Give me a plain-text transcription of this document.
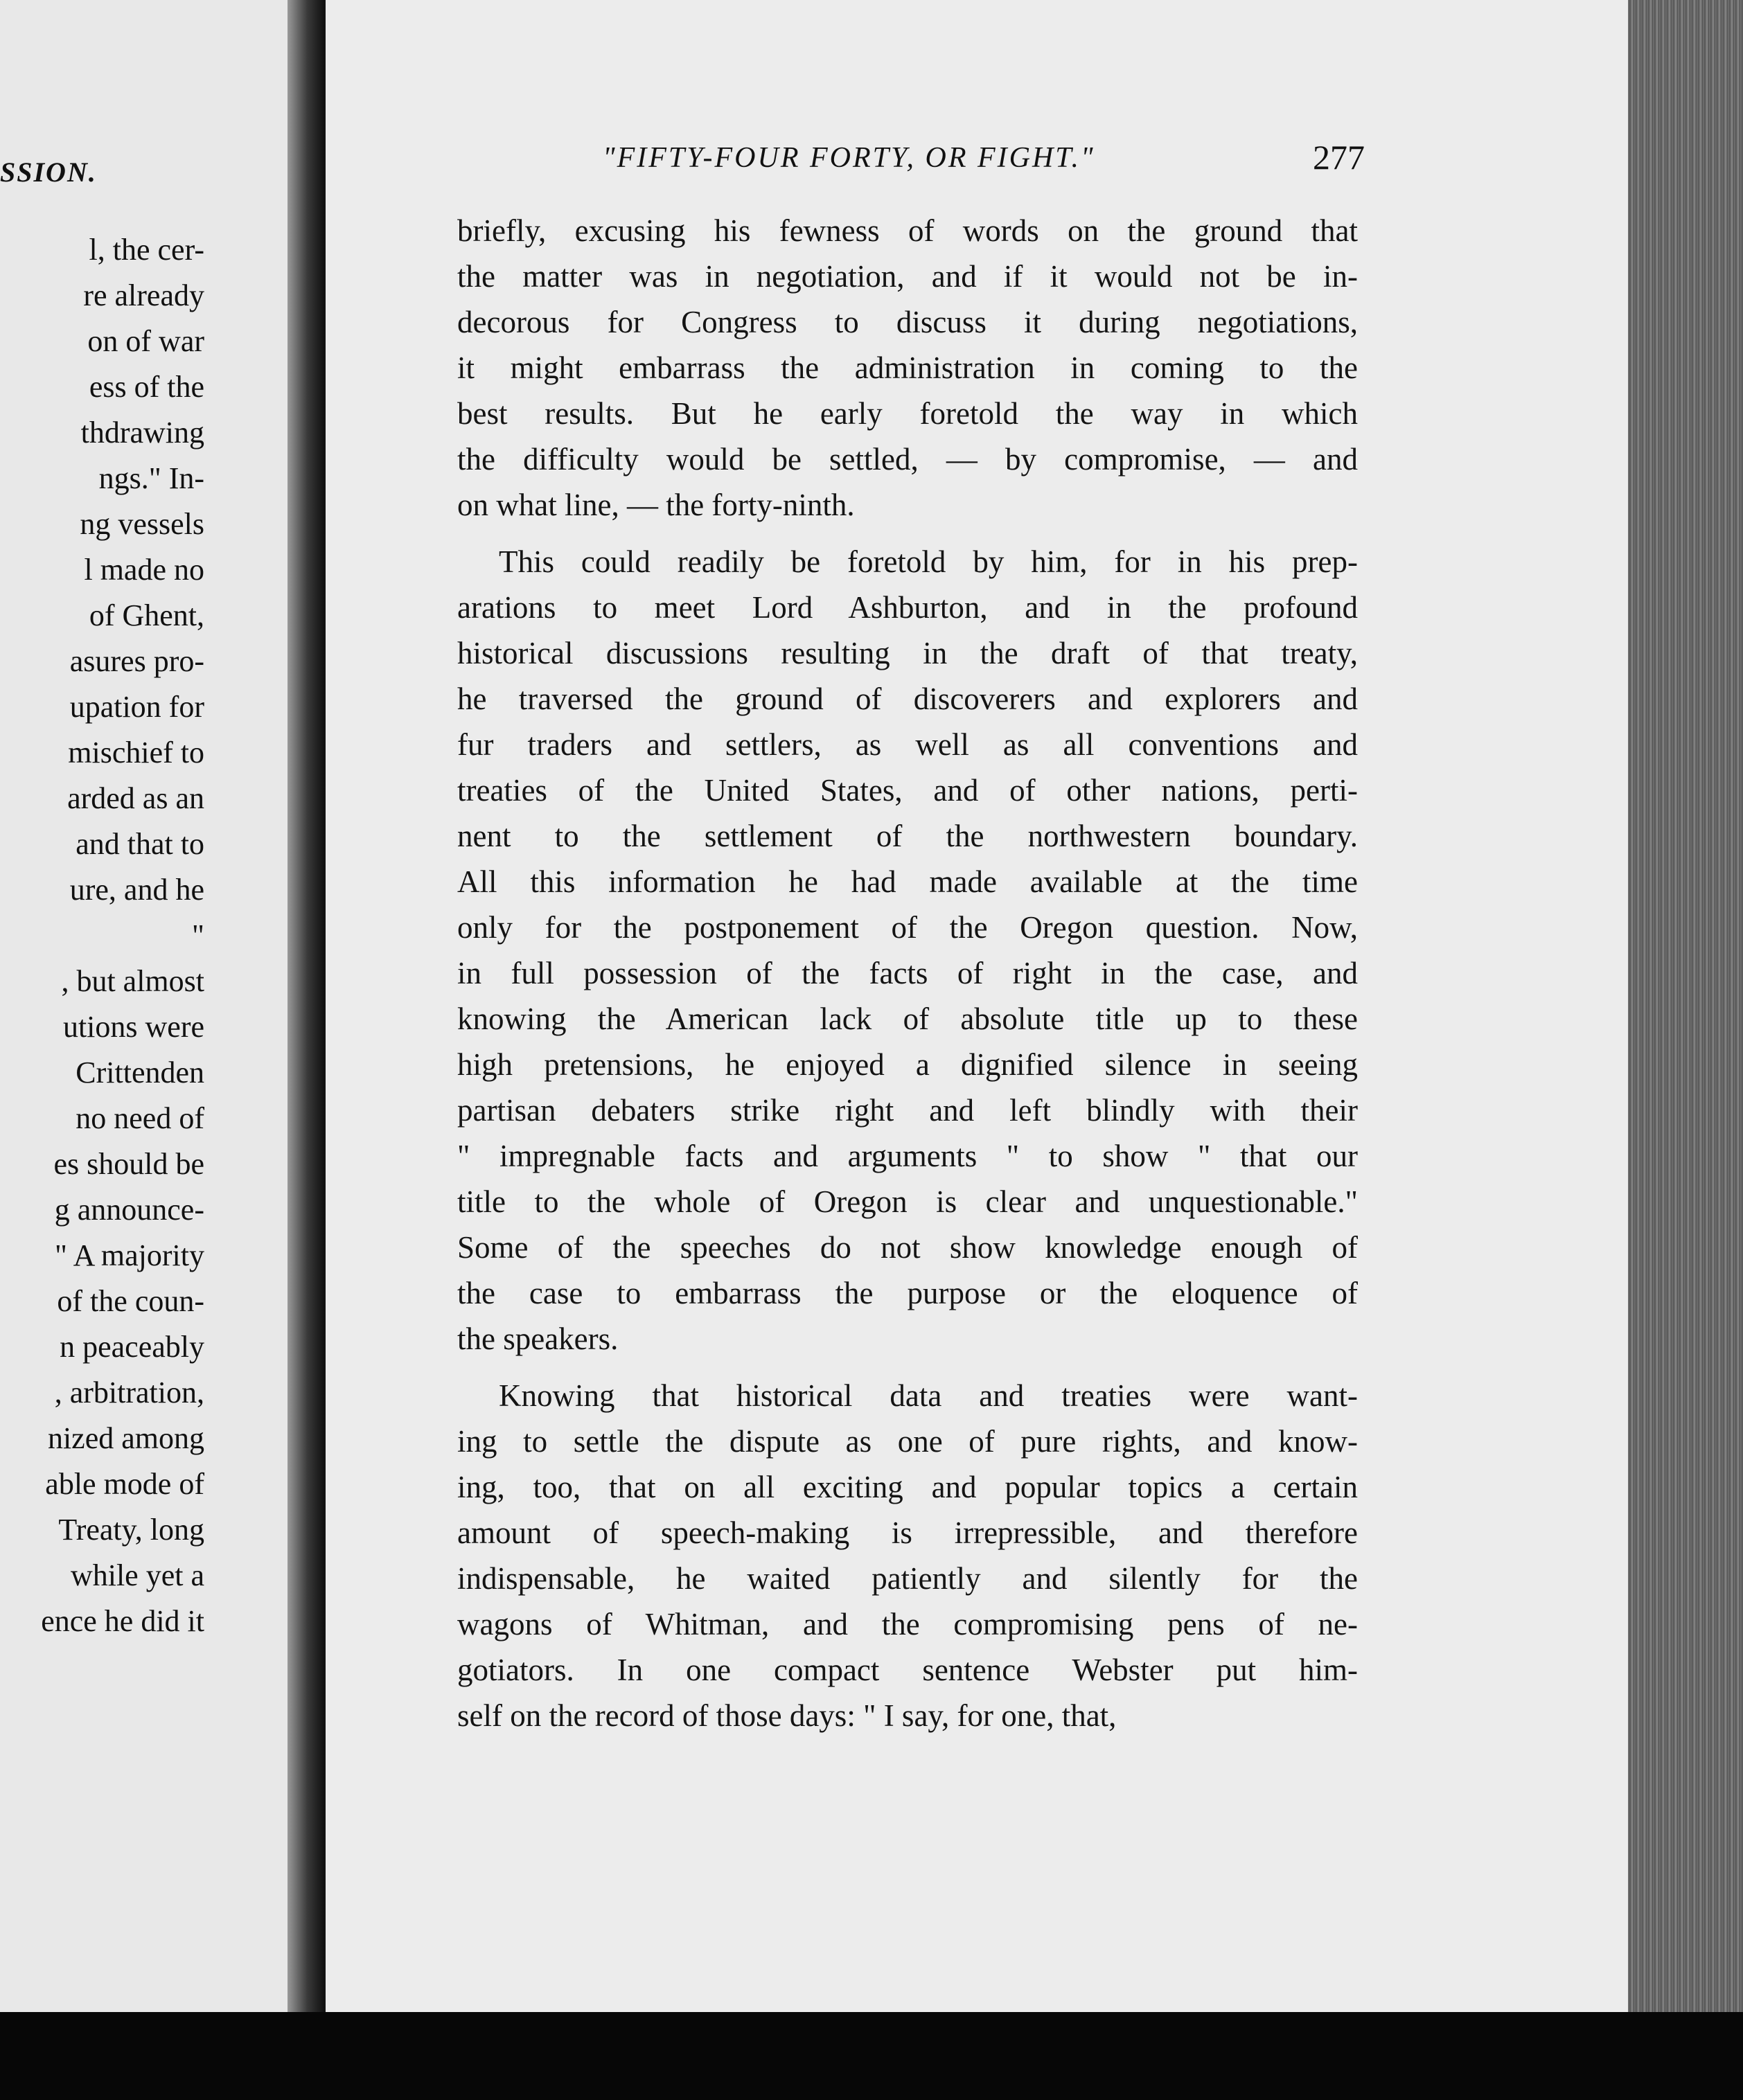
SSION.
l, the cer-
re already
on of war
ess of the
thdrawing
ngs." In-
ng vessels
l made no
of Ghent,
asures pro-
upation for
mischief to
arded as an
and that to
ure, and he
"
, but almost
utions were
Crittenden
no need of
es should be
g announce-
" A majority
of the coun-
n peaceably
, arbitration,
nized among
able mode of
Treaty, long
while yet a
ence he did it
"FIFTY-FOUR FORTY, OR FIGHT."	277
briefly, excusing his fewness of words on the ground that
the matter was in negotiation, and if it would not be in-
decorous for Congress to discuss it during negotiations,
it might embarrass the administration in coming to the
best results. But he early foretold the way in which
the difficulty would be settled, — by compromise, — and
on what line, — the forty-ninth.
This could readily be foretold by him, for in his prep-
arations to meet Lord Ashburton, and in the profound
historical discussions resulting in the draft of that treaty,
he traversed the ground of discoverers and explorers and
fur traders and settlers, as well as all conventions and
treaties of the United States, and of other nations, perti-
nent to the settlement of the northwestern boundary.
All this information he had made available at the time
only for the postponement of the Oregon question. Now,
in full possession of the facts of right in the case, and
knowing the American lack of absolute title up to these
high pretensions, he enjoyed a dignified silence in seeing
partisan debaters strike right and left blindly with their
" impregnable facts and arguments " to show " that our
title to the whole of Oregon is clear and unquestionable."
Some of the speeches do not show knowledge enough of
the case to embarrass the purpose or the eloquence of
the speakers.
Knowing that historical data and treaties were want-
ing to settle the dispute as one of pure rights, and know-
ing, too, that on all exciting and popular topics a certain
amount of speech-making is irrepressible, and therefore
indispensable, he waited patiently and silently for the
wagons of Whitman, and the compromising pens of ne-
gotiators. In one compact sentence Webster put him-
self on the record of those days: " I say, for one, that,
